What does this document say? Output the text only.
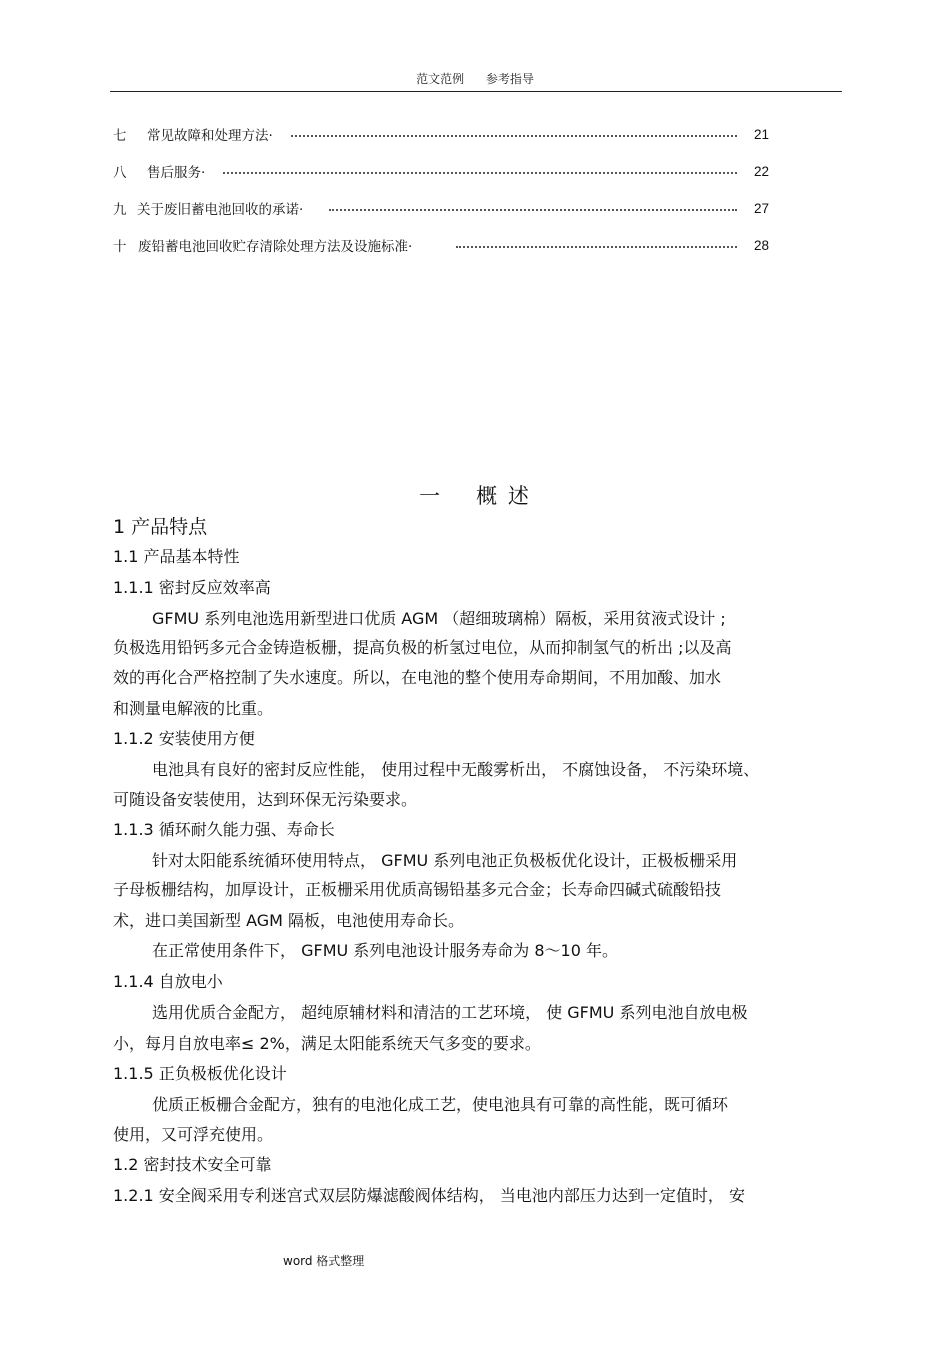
范文范例 参考指导
七	常见故障和处理方法·	21
八	售后服务·	22
九 关于废旧蓄电池回收的承诺·	27
十 废铅蓄电池回收贮存清除处理方法及设施标准·	28
一 概 述
1 产品特点
1.1 产品基本特性
1.1.1 密封反应效率高
GFMU 系列电池选用新型进口优质 AGM （超细玻璃棉）隔板，采用贫液式设计 ;
负极选用铅钙多元合金铸造板栅，提高负极的析氢过电位，从而抑制氢气的析出 ;以及高
效的再化合严格控制了失水速度。所以，在电池的整个使用寿命期间，不用加酸、加水
和测量电解液的比重。
1.1.2 安装使用方便
电池具有良好的密封反应性能， 使用过程中无酸雾析出， 不腐蚀设备， 不污染环境、
可随设备安装使用，达到环保无污染要求。
1.1.3 循环耐久能力强、寿命长
针对太阳能系统循环使用特点， GFMU 系列电池正负极板优化设计，正极板栅采用
子母板栅结构，加厚设计，正板栅采用优质高锡铅基多元合金；长寿命四碱式硫酸铅技
术，进口美国新型 AGM 隔板，电池使用寿命长。
在正常使用条件下， GFMU 系列电池设计服务寿命为 8～10 年。
1.1.4 自放电小
选用优质合金配方， 超纯原辅材料和清洁的工艺环境， 使 GFMU 系列电池自放电极
小，每月自放电率≤ 2%，满足太阳能系统天气多变的要求。
1.1.5 正负极板优化设计
优质正板栅合金配方，独有的电池化成工艺，使电池具有可靠的高性能，既可循环
使用，又可浮充使用。
1.2 密封技术安全可靠
1.2.1 安全阀采用专利迷宫式双层防爆滤酸阀体结构， 当电池内部压力达到一定值时， 安
word 格式整理
